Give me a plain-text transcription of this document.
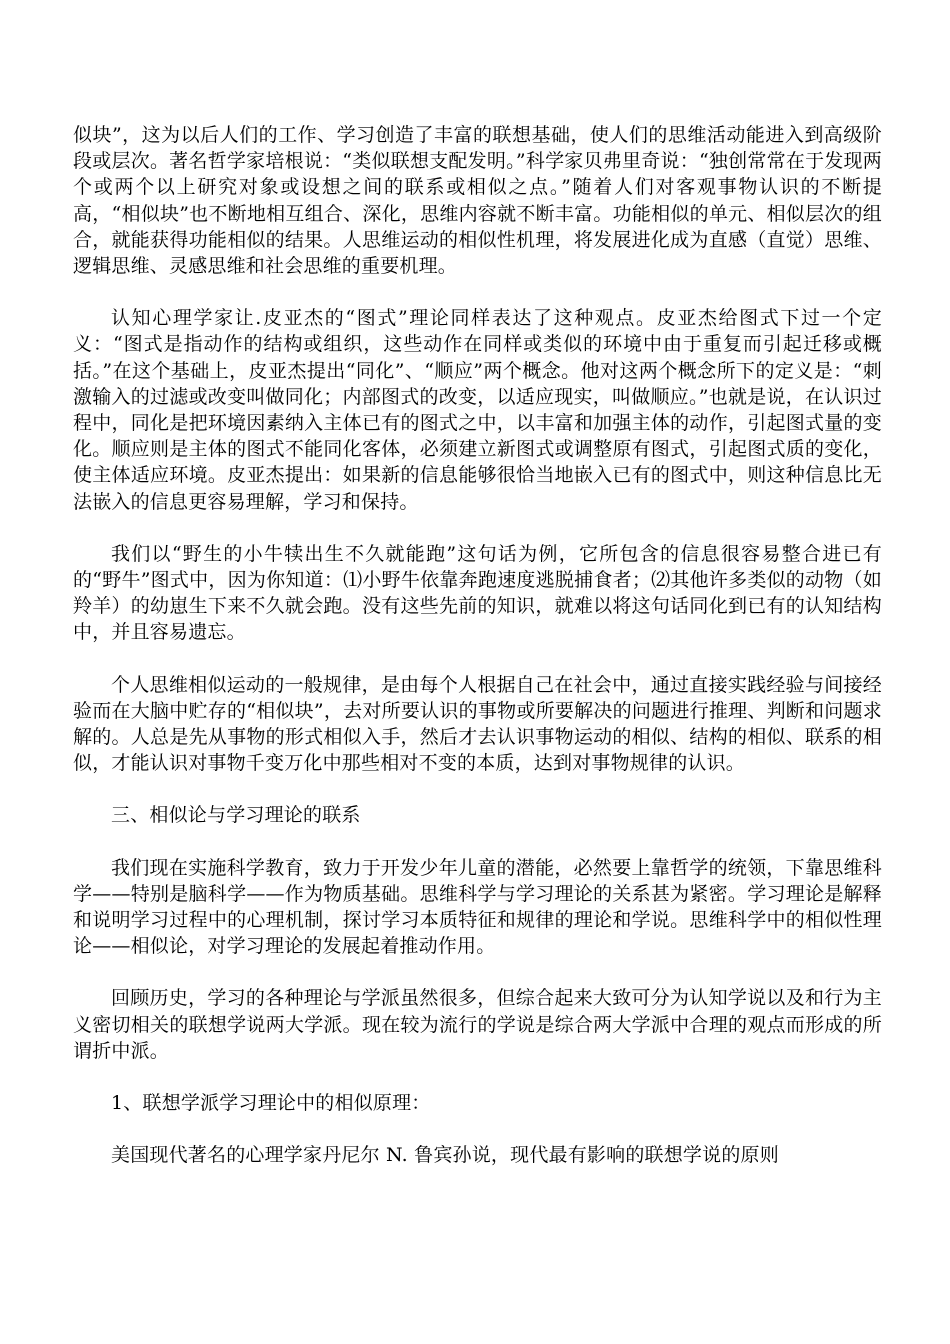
似块”，这为以后人们的工作、学习创造了丰富的联想基础，使人们的思维活动能进入到高级阶段或层次。著名哲学家培根说：“类似联想支配发明。”科学家贝弗里奇说：“独创常常在于发现两个或两个以上研究对象或设想之间的联系或相似之点。”随着人们对客观事物认识的不断提高，“相似块”也不断地相互组合、深化，思维内容就不断丰富。功能相似的单元、相似层次的组合，就能获得功能相似的结果。人思维运动的相似性机理，将发展进化成为直感（直觉）思维、逻辑思维、灵感思维和社会思维的重要机理。

认知心理学家让.皮亚杰的“图式”理论同样表达了这种观点。皮亚杰给图式下过一个定义：“图式是指动作的结构或组织，这些动作在同样或类似的环境中由于重复而引起迁移或概括。”在这个基础上，皮亚杰提出“同化”、“顺应”两个概念。他对这两个概念所下的定义是：“刺激输入的过滤或改变叫做同化；内部图式的改变，以适应现实，叫做顺应。”也就是说，在认识过程中，同化是把环境因素纳入主体已有的图式之中，以丰富和加强主体的动作，引起图式量的变化。顺应则是主体的图式不能同化客体，必须建立新图式或调整原有图式，引起图式质的变化，使主体适应环境。皮亚杰提出：如果新的信息能够很恰当地嵌入已有的图式中，则这种信息比无法嵌入的信息更容易理解，学习和保持。

我们以“野生的小牛犊出生不久就能跑”这句话为例，它所包含的信息很容易整合进已有的“野牛”图式中，因为你知道：⑴小野牛依靠奔跑速度逃脱捕食者；⑵其他许多类似的动物（如羚羊）的幼崽生下来不久就会跑。没有这些先前的知识，就难以将这句话同化到已有的认知结构中，并且容易遗忘。

个人思维相似运动的一般规律，是由每个人根据自己在社会中，通过直接实践经验与间接经验而在大脑中贮存的“相似块”，去对所要认识的事物或所要解决的问题进行推理、判断和问题求解的。人总是先从事物的形式相似入手，然后才去认识事物运动的相似、结构的相似、联系的相似，才能认识对事物千变万化中那些相对不变的本质，达到对事物规律的认识。

三、相似论与学习理论的联系

我们现在实施科学教育，致力于开发少年儿童的潜能，必然要上靠哲学的统领，下靠思维科学——特别是脑科学——作为物质基础。思维科学与学习理论的关系甚为紧密。学习理论是解释和说明学习过程中的心理机制，探讨学习本质特征和规律的理论和学说。思维科学中的相似性理论——相似论，对学习理论的发展起着推动作用。

回顾历史，学习的各种理论与学派虽然很多，但综合起来大致可分为认知学说以及和行为主义密切相关的联想学说两大学派。现在较为流行的学说是综合两大学派中合理的观点而形成的所谓折中派。

1、联想学派学习理论中的相似原理：

美国现代著名的心理学家丹尼尔 N. 鲁宾孙说，现代最有影响的联想学说的原则
